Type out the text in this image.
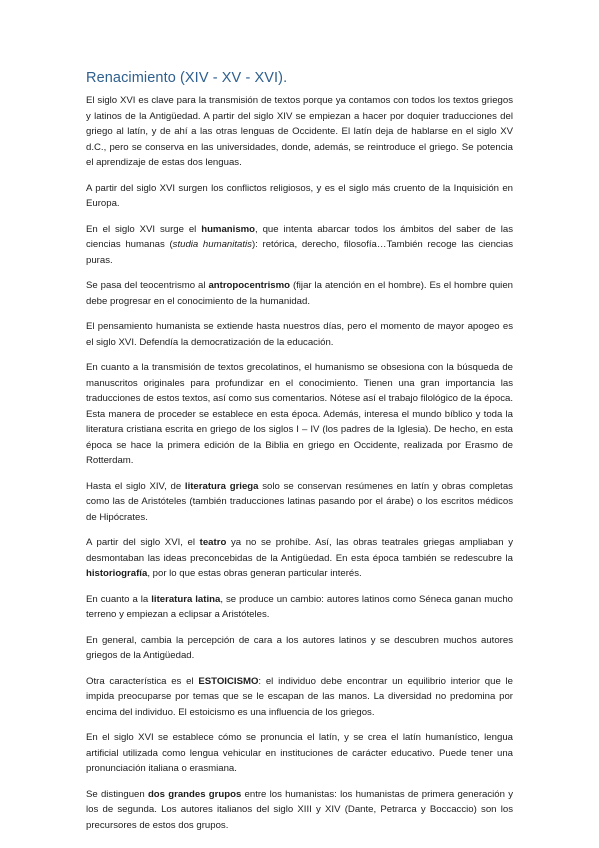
Renacimiento (XIV - XV - XVI).

El siglo XVI es clave para la transmisión de textos porque ya contamos con todos los textos griegos y latinos de la Antigüedad. A partir del siglo XIV se empiezan a hacer por doquier traducciones del griego al latín, y de ahí a las otras lenguas de Occidente. El latín deja de hablarse en el siglo XV d.C., pero se conserva en las universidades, donde, además, se reintroduce el griego. Se potencia el aprendizaje de estas dos lenguas.

A partir del siglo XVI surgen los conflictos religiosos, y es el siglo más cruento de la Inquisición en Europa.

En el siglo XVI surge el humanismo, que intenta abarcar todos los ámbitos del saber de las ciencias humanas (studia humanitatis): retórica, derecho, filosofía…También recoge las ciencias puras.

Se pasa del teocentrismo al antropocentrismo (fijar la atención en el hombre). Es el hombre quien debe progresar en el conocimiento de la humanidad.

El pensamiento humanista se extiende hasta nuestros días, pero el momento de mayor apogeo es el siglo XVI. Defendía la democratización de la educación.

En cuanto a la transmisión de textos grecolatinos, el humanismo se obsesiona con la búsqueda de manuscritos originales para profundizar en el conocimiento. Tienen una gran importancia las traducciones de estos textos, así como sus comentarios. Nótese así el trabajo filológico de la época. Esta manera de proceder se establece en esta época. Además, interesa el mundo bíblico y toda la literatura cristiana escrita en griego de los siglos I – IV (los padres de la Iglesia). De hecho, en esta época se hace la primera edición de la Biblia en griego en Occidente, realizada por Erasmo de Rotterdam.

Hasta el siglo XIV, de literatura griega solo se conservan resúmenes en latín y obras completas como las de Aristóteles (también traducciones latinas pasando por el árabe) o los escritos médicos de Hipócrates.

A partir del siglo XVI, el teatro ya no se prohíbe. Así, las obras teatrales griegas ampliaban y desmontaban las ideas preconcebidas de la Antigüedad. En esta época también se redescubre la historiografía, por lo que estas obras generan particular interés.

En cuanto a la literatura latina, se produce un cambio: autores latinos como Séneca ganan mucho terreno y empiezan a eclipsar a Aristóteles.

En general, cambia la percepción de cara a los autores latinos y se descubren muchos autores griegos de la Antigüedad.

Otra característica es el ESTOICISMO: el individuo debe encontrar un equilibrio interior que le impida preocuparse por temas que se le escapan de las manos. La diversidad no predomina por encima del individuo. El estoicismo es una influencia de los griegos.

En el siglo XVI se establece cómo se pronuncia el latín, y se crea el latín humanístico, lengua artificial utilizada como lengua vehicular en instituciones de carácter educativo. Puede tener una pronunciación italiana o erasmiana.

Se distinguen dos grandes grupos entre los humanistas: los humanistas de primera generación y los de segunda. Los autores italianos del siglo XIII y XIV (Dante, Petrarca y Boccaccio) son los precursores de estos dos grupos.
